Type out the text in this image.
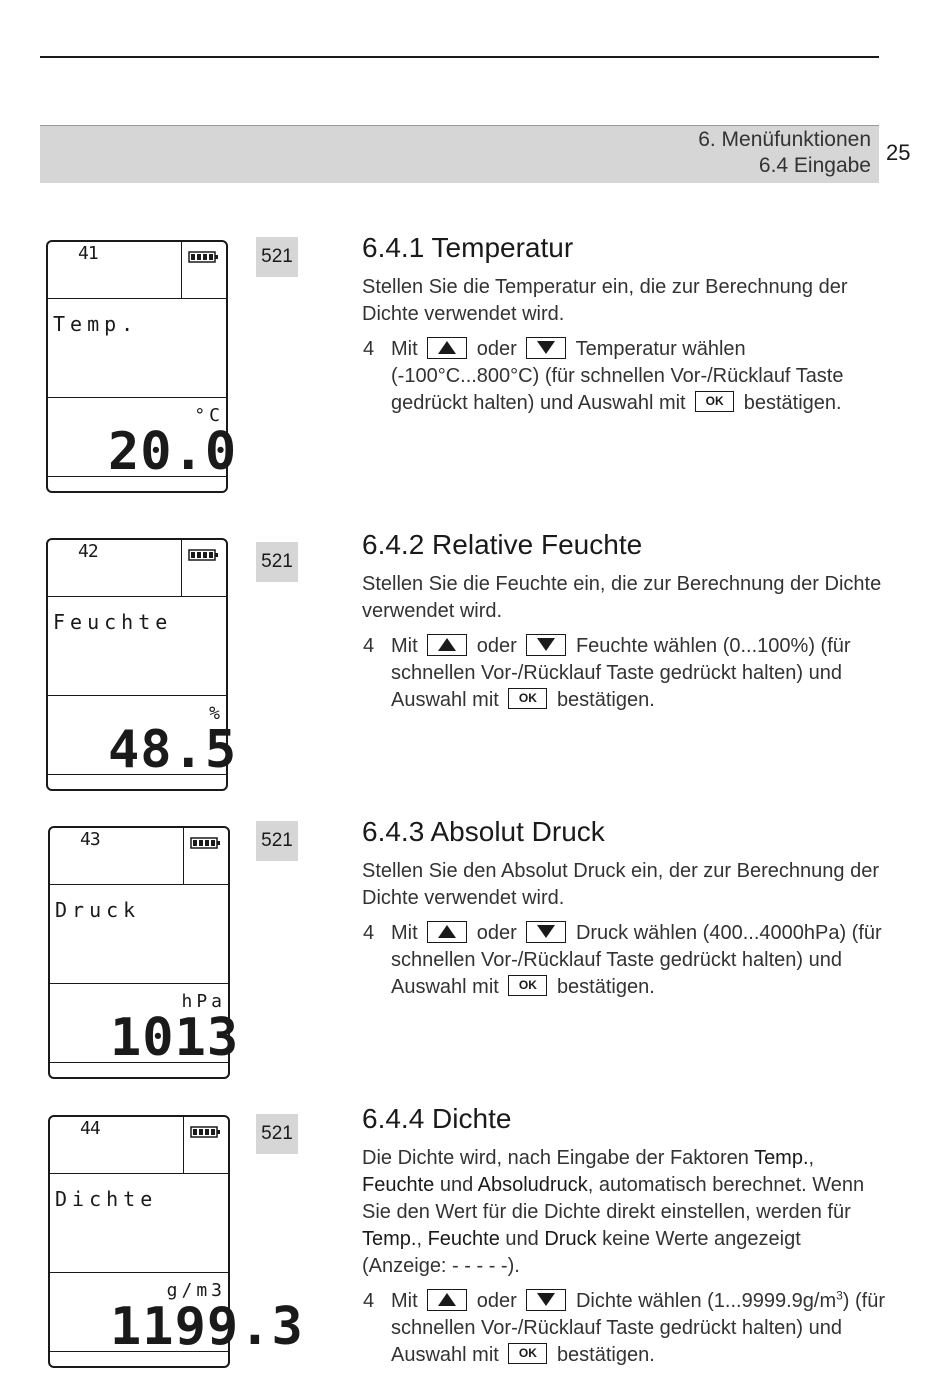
6. Menüfunktionen
6.4 Eingabe
25
41
Temp.
°C
20.0
521 6.4.1 Temperatur

Stellen Sie die Temperatur ein, die zur Berechnung der Dichte verwendet wird.

4 Mit	oder	Temperatur wählen (-100°C...800°C) (für schnellen Vor-/Rücklauf Taste gedrückt halten) und Auswahl mit OK bestätigen.
42
Feuchte
%
48.5
521
6.4.2 Relative Feuchte

Stellen Sie die Feuchte ein, die zur Berechnung der Dichte verwendet wird.

4 Mit	oder	Feuchte wählen (0...100%) (für schnellen Vor-/Rücklauf Taste gedrückt halten) und Auswahl mit OK bestätigen.
43
Druck
hPa
1013
521 6.4.3 Absolut Druck

Stellen Sie den Absolut Druck ein, der zur Berechnung der Dichte verwendet wird.

4 Mit	oder	Druck wählen (400...4000hPa) (für schnellen Vor-/Rücklauf Taste gedrückt halten) und Auswahl mit OK bestätigen.
44
Dichte
g/m3
1199.3
521 6.4.4 Dichte

Die Dichte wird, nach Eingabe der Faktoren Temp., Feuchte und Absoludruck, automatisch berechnet. Wenn Sie den Wert für die Dichte direkt einstellen, werden für Temp., Feuchte und Druck keine Werte angezeigt (Anzeige: - - - - -).

4 Mit	oder	Dichte wählen $(1...9999.9g/m^3)$ (für schnellen Vor-/Rücklauf Taste gedrückt halten) und Auswahl mit OK bestätigen.
